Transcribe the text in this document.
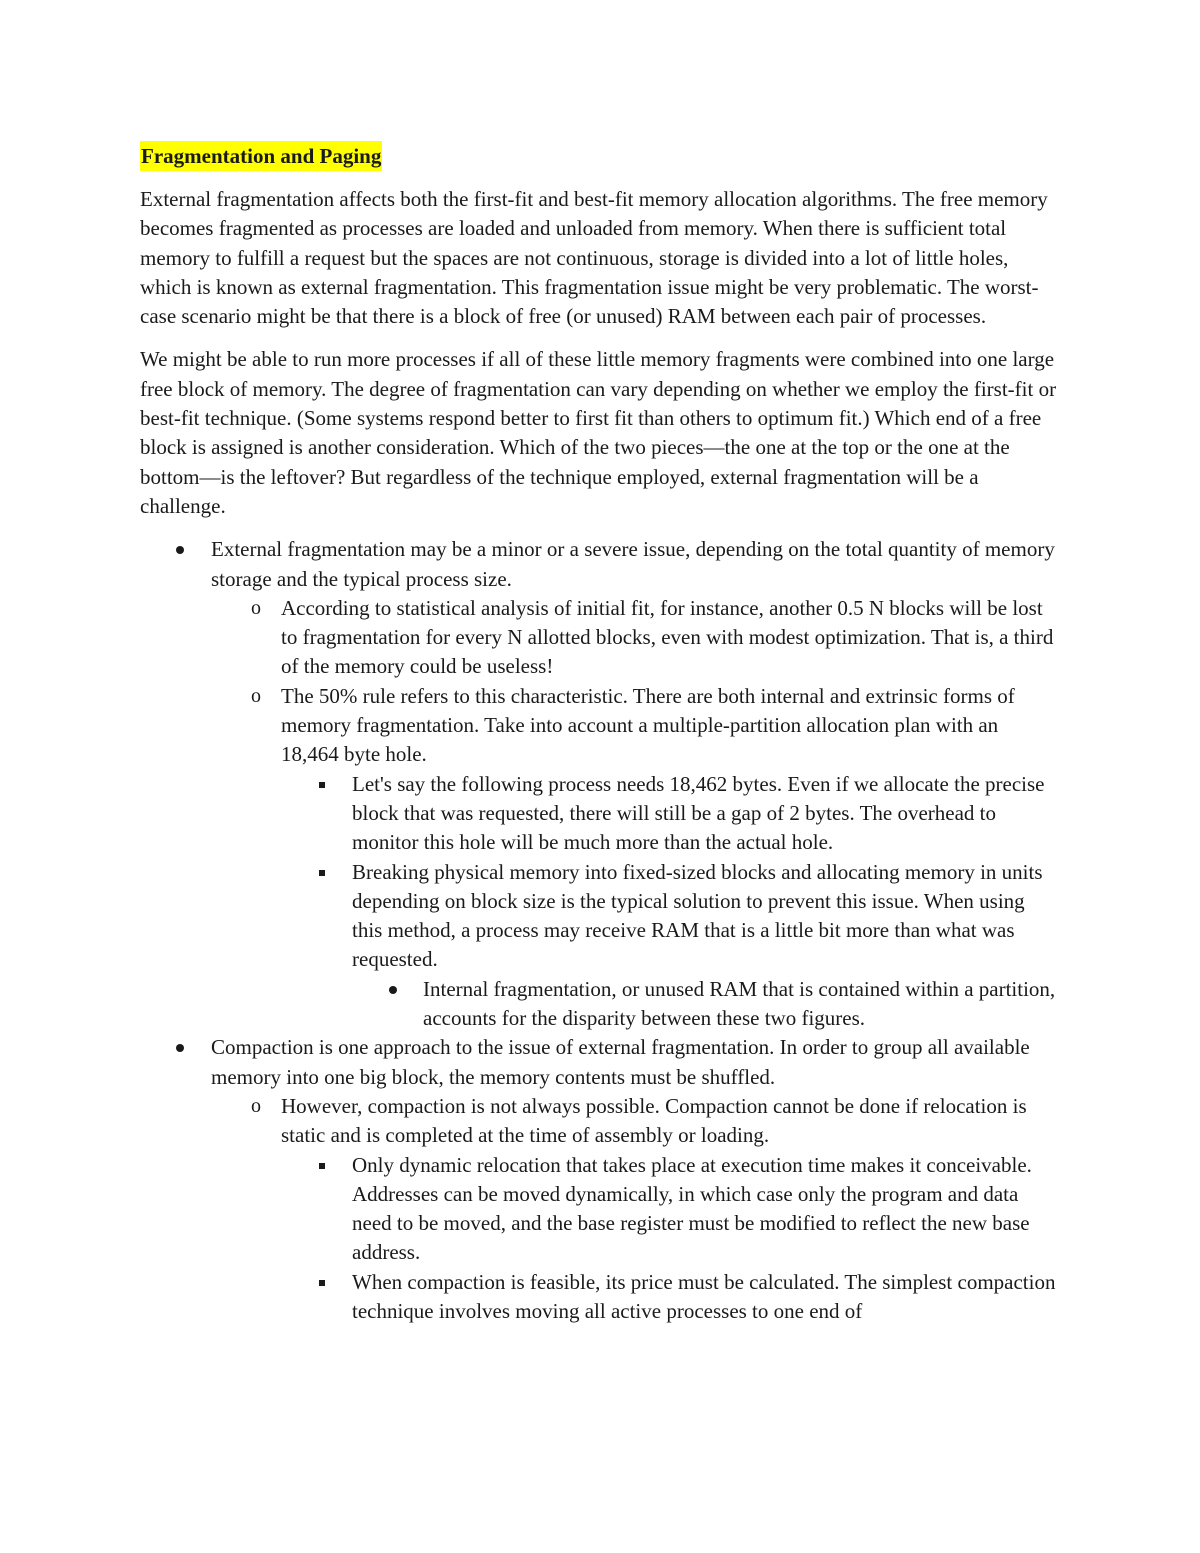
Fragmentation and Paging

External fragmentation affects both the first-fit and best-fit memory allocation algorithms. The free memory becomes fragmented as processes are loaded and unloaded from memory. When there is sufficient total memory to fulfill a request but the spaces are not continuous, storage is divided into a lot of little holes, which is known as external fragmentation. This fragmentation issue might be very problematic. The worst-case scenario might be that there is a block of free (or unused) RAM between each pair of processes.

We might be able to run more processes if all of these little memory fragments were combined into one large free block of memory. The degree of fragmentation can vary depending on whether we employ the first-fit or best-fit technique. (Some systems respond better to first fit than others to optimum fit.) Which end of a free block is assigned is another consideration. Which of the two pieces—the one at the top or the one at the bottom—is the leftover? But regardless of the technique employed, external fragmentation will be a challenge.

External fragmentation may be a minor or a severe issue, depending on the total quantity of memory storage and the typical process size.
o According to statistical analysis of initial fit, for instance, another 0.5 N blocks will be lost to fragmentation for every N allotted blocks, even with modest optimization. That is, a third of the memory could be useless!
o The 50% rule refers to this characteristic. There are both internal and extrinsic forms of memory fragmentation. Take into account a multiple-partition allocation plan with an 18,464 byte hole.
Let's say the following process needs 18,462 bytes. Even if we allocate the precise block that was requested, there will still be a gap of 2 bytes. The overhead to monitor this hole will be much more than the actual hole.
Breaking physical memory into fixed-sized blocks and allocating memory in units depending on block size is the typical solution to prevent this issue. When using this method, a process may receive RAM that is a little bit more than what was requested.
Internal fragmentation, or unused RAM that is contained within a partition, accounts for the disparity between these two figures.
Compaction is one approach to the issue of external fragmentation. In order to group all available memory into one big block, the memory contents must be shuffled.
o However, compaction is not always possible. Compaction cannot be done if relocation is static and is completed at the time of assembly or loading.
Only dynamic relocation that takes place at execution time makes it conceivable. Addresses can be moved dynamically, in which case only the program and data need to be moved, and the base register must be modified to reflect the new base address.
When compaction is feasible, its price must be calculated. The simplest compaction technique involves moving all active processes to one end of
